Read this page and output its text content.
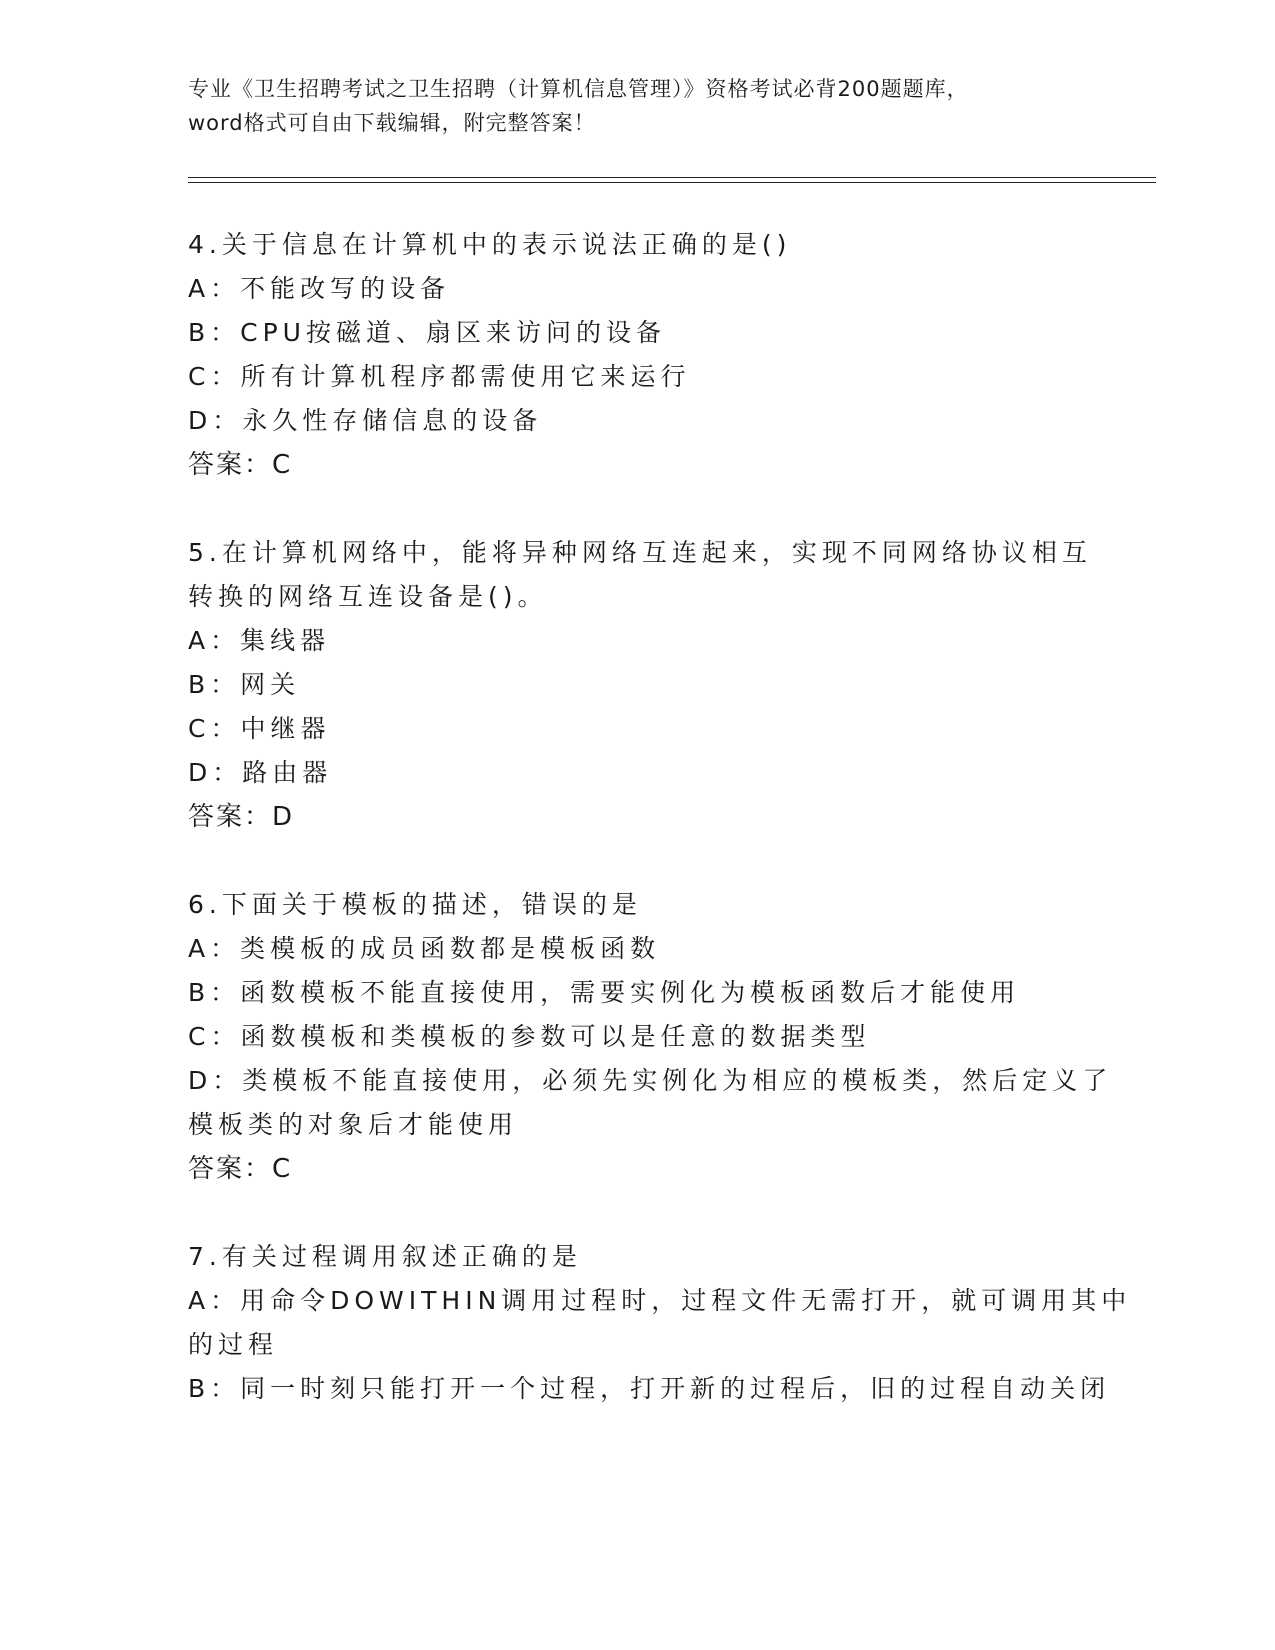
专业《卫生招聘考试之卫生招聘（计算机信息管理）》资格考试必背200题题库，
word格式可自由下载编辑，附完整答案！
4.关于信息在计算机中的表示说法正确的是()
A：不能改写的设备
B：CPU按磁道、扇区来访问的设备
C：所有计算机程序都需使用它来运行
D：永久性存储信息的设备
答案：C
5.在计算机网络中，能将异种网络互连起来，实现不同网络协议相互
转换的网络互连设备是()。
A：集线器
B：网关
C：中继器
D：路由器
答案：D
6.下面关于模板的描述，错误的是
A：类模板的成员函数都是模板函数
B：函数模板不能直接使用，需要实例化为模板函数后才能使用
C：函数模板和类模板的参数可以是任意的数据类型
D：类模板不能直接使用，必须先实例化为相应的模板类，然后定义了
模板类的对象后才能使用
答案：C
7.有关过程调用叙述正确的是
A：用命令DOWITHIN调用过程时，过程文件无需打开，就可调用其中
的过程
B：同一时刻只能打开一个过程，打开新的过程后，旧的过程自动关闭
